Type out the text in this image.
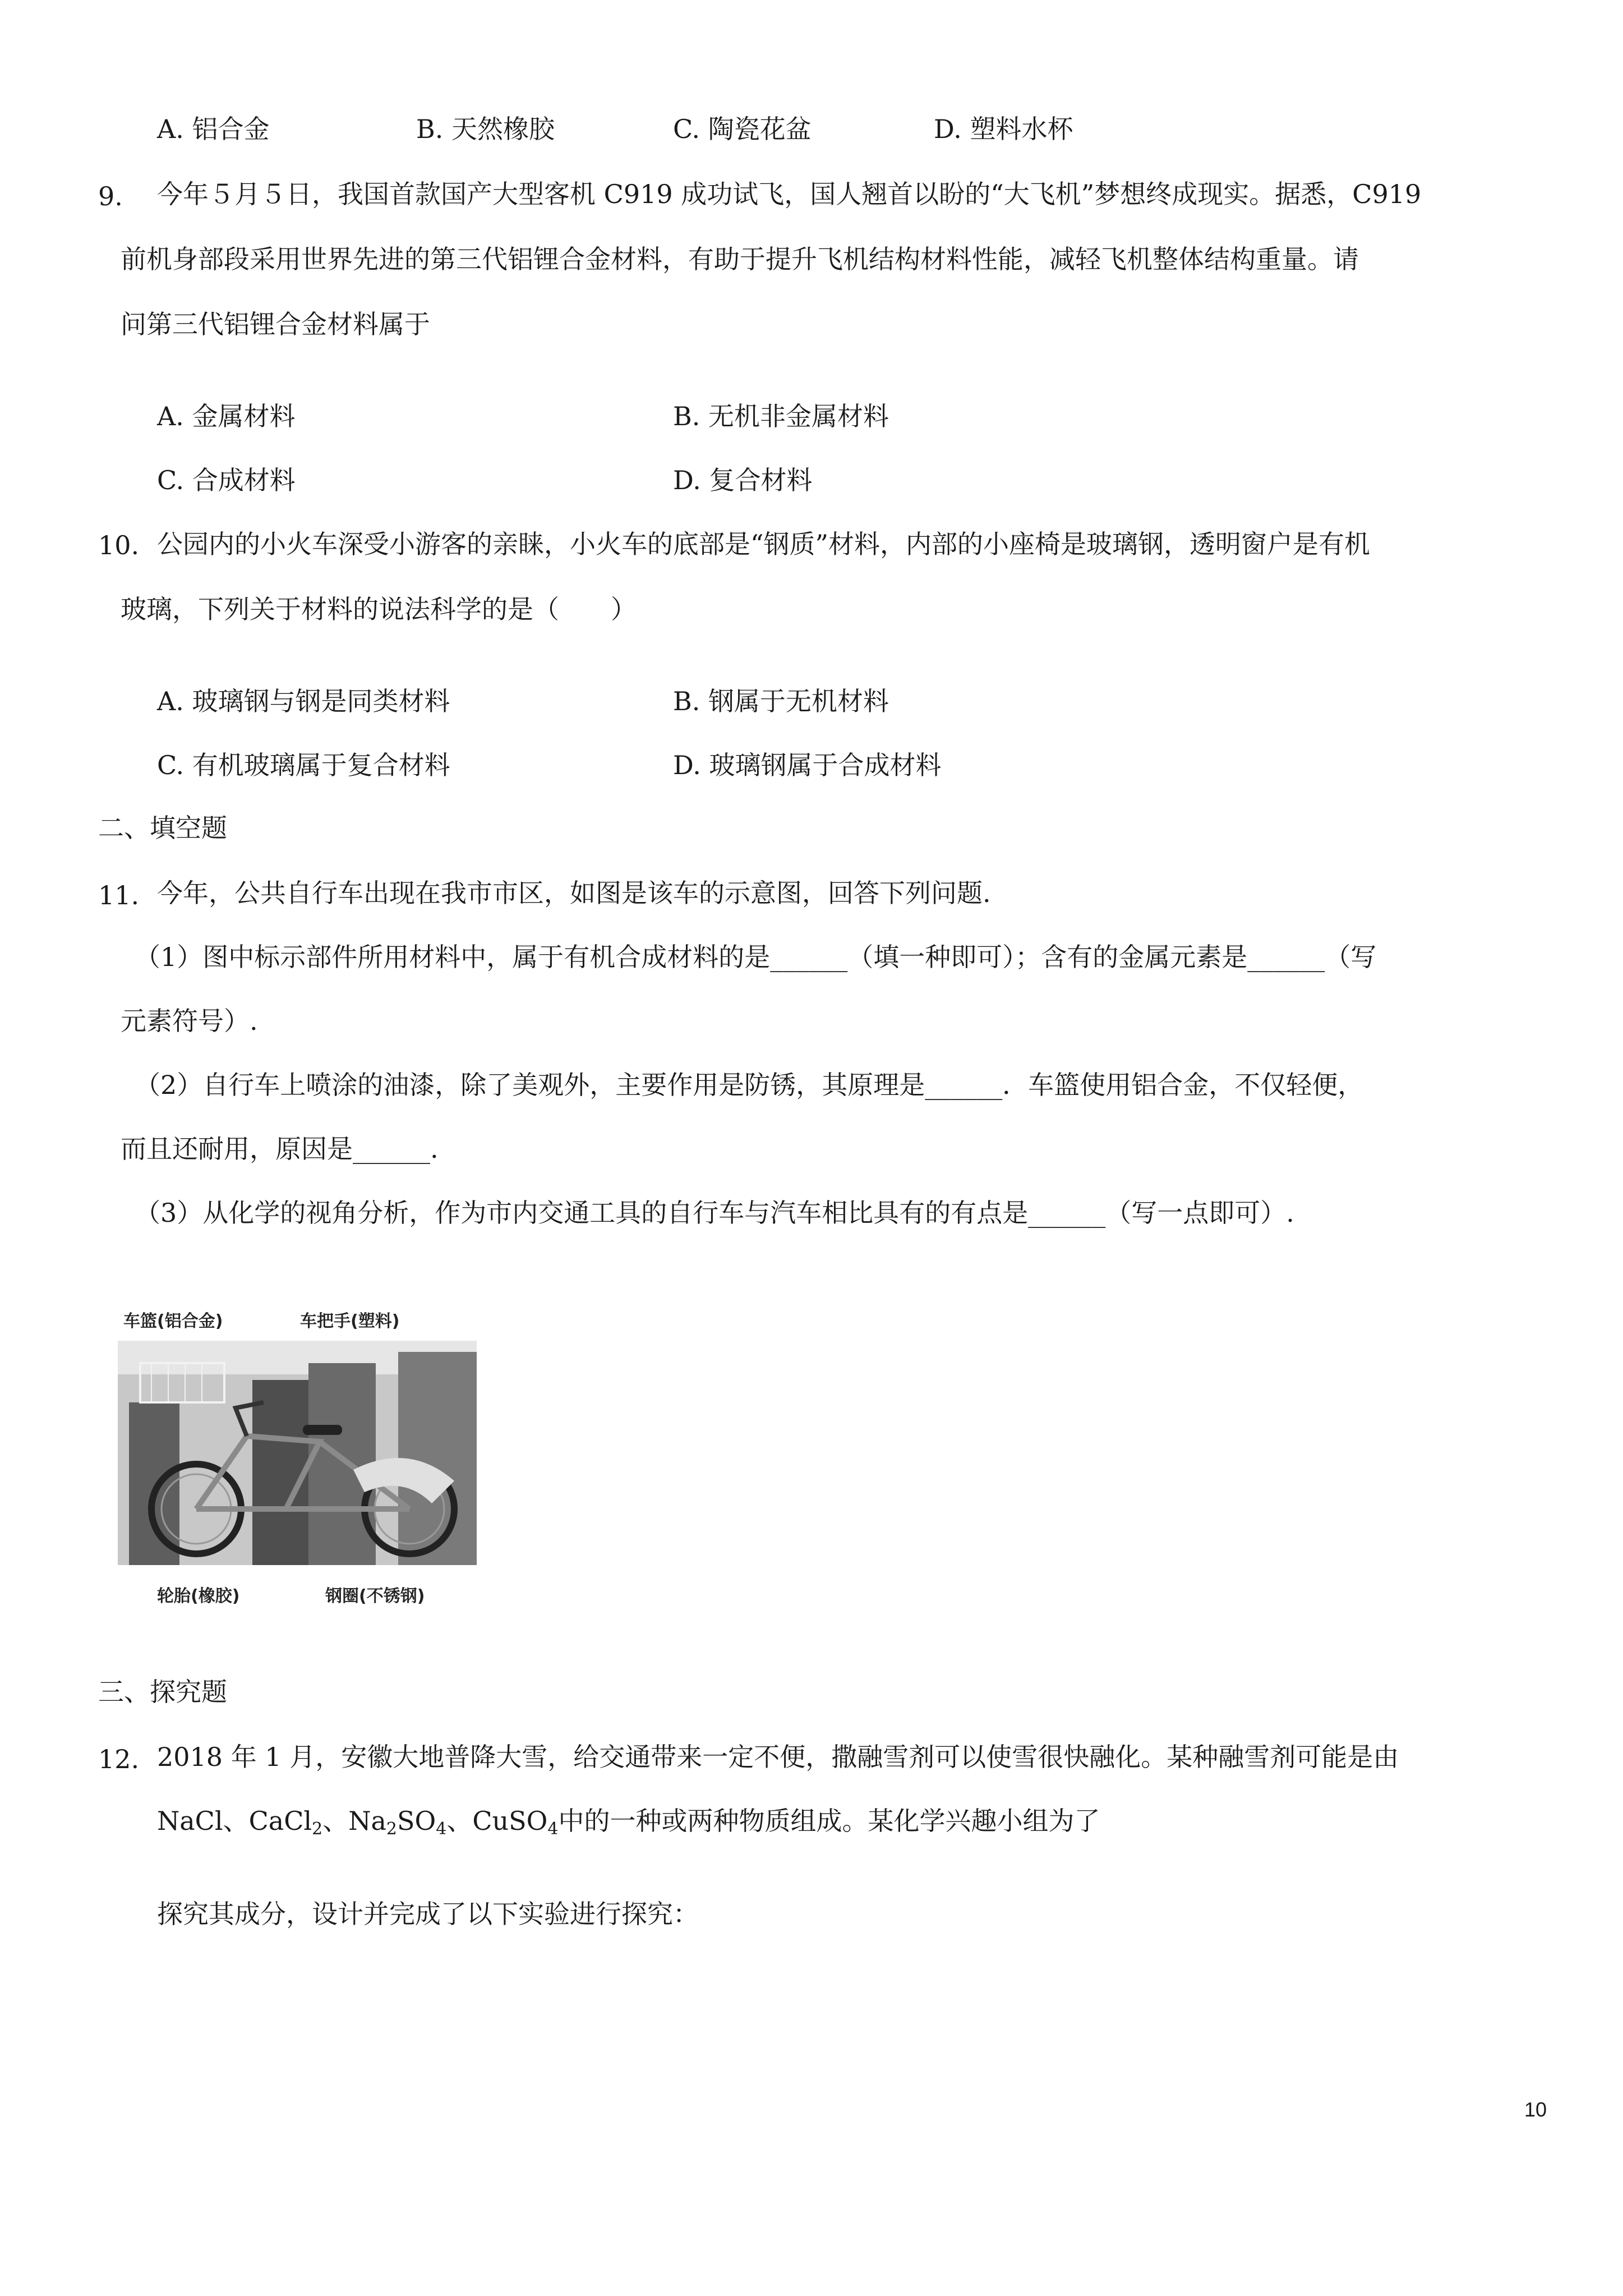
A. 铝合金	B. 天然橡胶	C. 陶瓷花盆	D. 塑料水杯
9. 今年５月５日，我国首款国产大型客机 C919 成功试飞，国人翘首以盼的“大飞机”梦想终成现实。据悉，C919
前机身部段采用世界先进的第三代铝锂合金材料，有助于提升飞机结构材料性能，减轻飞机整体结构重量。请
问第三代铝锂合金材料属于
A. 金属材料	B. 无机非金属材料
C. 合成材料	D. 复合材料
10. 公园内的小火车深受小游客的亲睐，小火车的底部是“钢质”材料，内部的小座椅是玻璃钢，透明窗户是有机
玻璃，下列关于材料的说法科学的是（　　）
A. 玻璃钢与钢是同类材料	B. 钢属于无机材料
C. 有机玻璃属于复合材料	D. 玻璃钢属于合成材料
二、填空题
11. 今年，公共自行车出现在我市市区，如图是该车的示意图，回答下列问题.
（1）图中标示部件所用材料中，属于有机合成材料的是______（填一种即可）；含有的金属元素是______（写
元素符号）.
（2）自行车上喷涂的油漆，除了美观外，主要作用是防锈，其原理是______．车篮使用铝合金，不仅轻便，
而且还耐用，原因是______.
（3）从化学的视角分析，作为市内交通工具的自行车与汽车相比具有的有点是______（写一点即可）.
车篮(铝合金)	车把手(塑料)
轮胎(橡胶)	钢圈(不锈钢)
三、探究题
12. 2018 年 1 月，安徽大地普降大雪，给交通带来一定不便，撒融雪剂可以使雪很快融化。某种融雪剂可能是由
NaCl、CaCl$_2$、$Na_2SO_4$、CuSO$_4$中的一种或两种物质组成。某化学兴趣小组为了
探究其成分，设计并完成了以下实验进行探究：
10
